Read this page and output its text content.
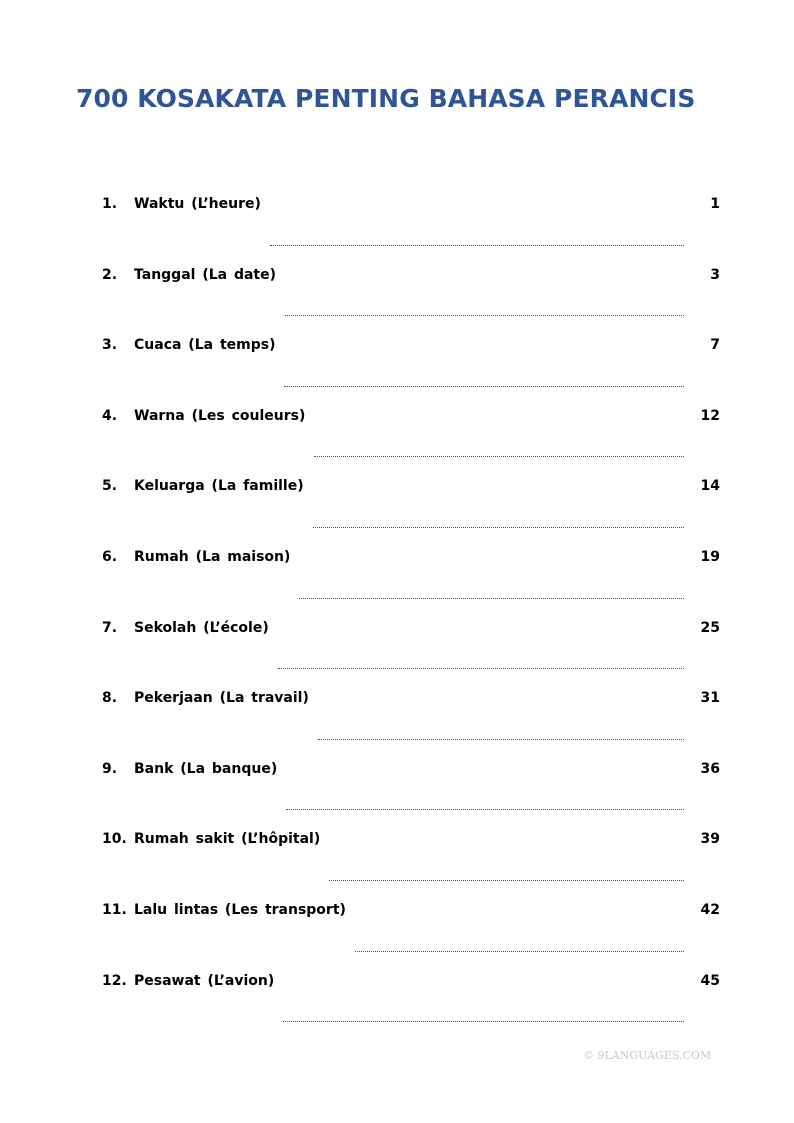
700 KOSAKATA PENTING BAHASA PERANCIS
1.	Waktu (L’heure)	1
2.	Tanggal (La date)	3
3.	Cuaca (La temps)	7
4.	Warna (Les couleurs)	12
5.	Keluarga (La famille)	14
6.	Rumah (La maison)	19
7.	Sekolah (L’école)	25
8.	Pekerjaan (La travail)	31
9.	Bank (La banque)	36
10. Rumah sakit (L’hôpital)	39
11. Lalu lintas (Les transport)	42
12. Pesawat (L’avion)	45
© 9LANGUAGES.COM
